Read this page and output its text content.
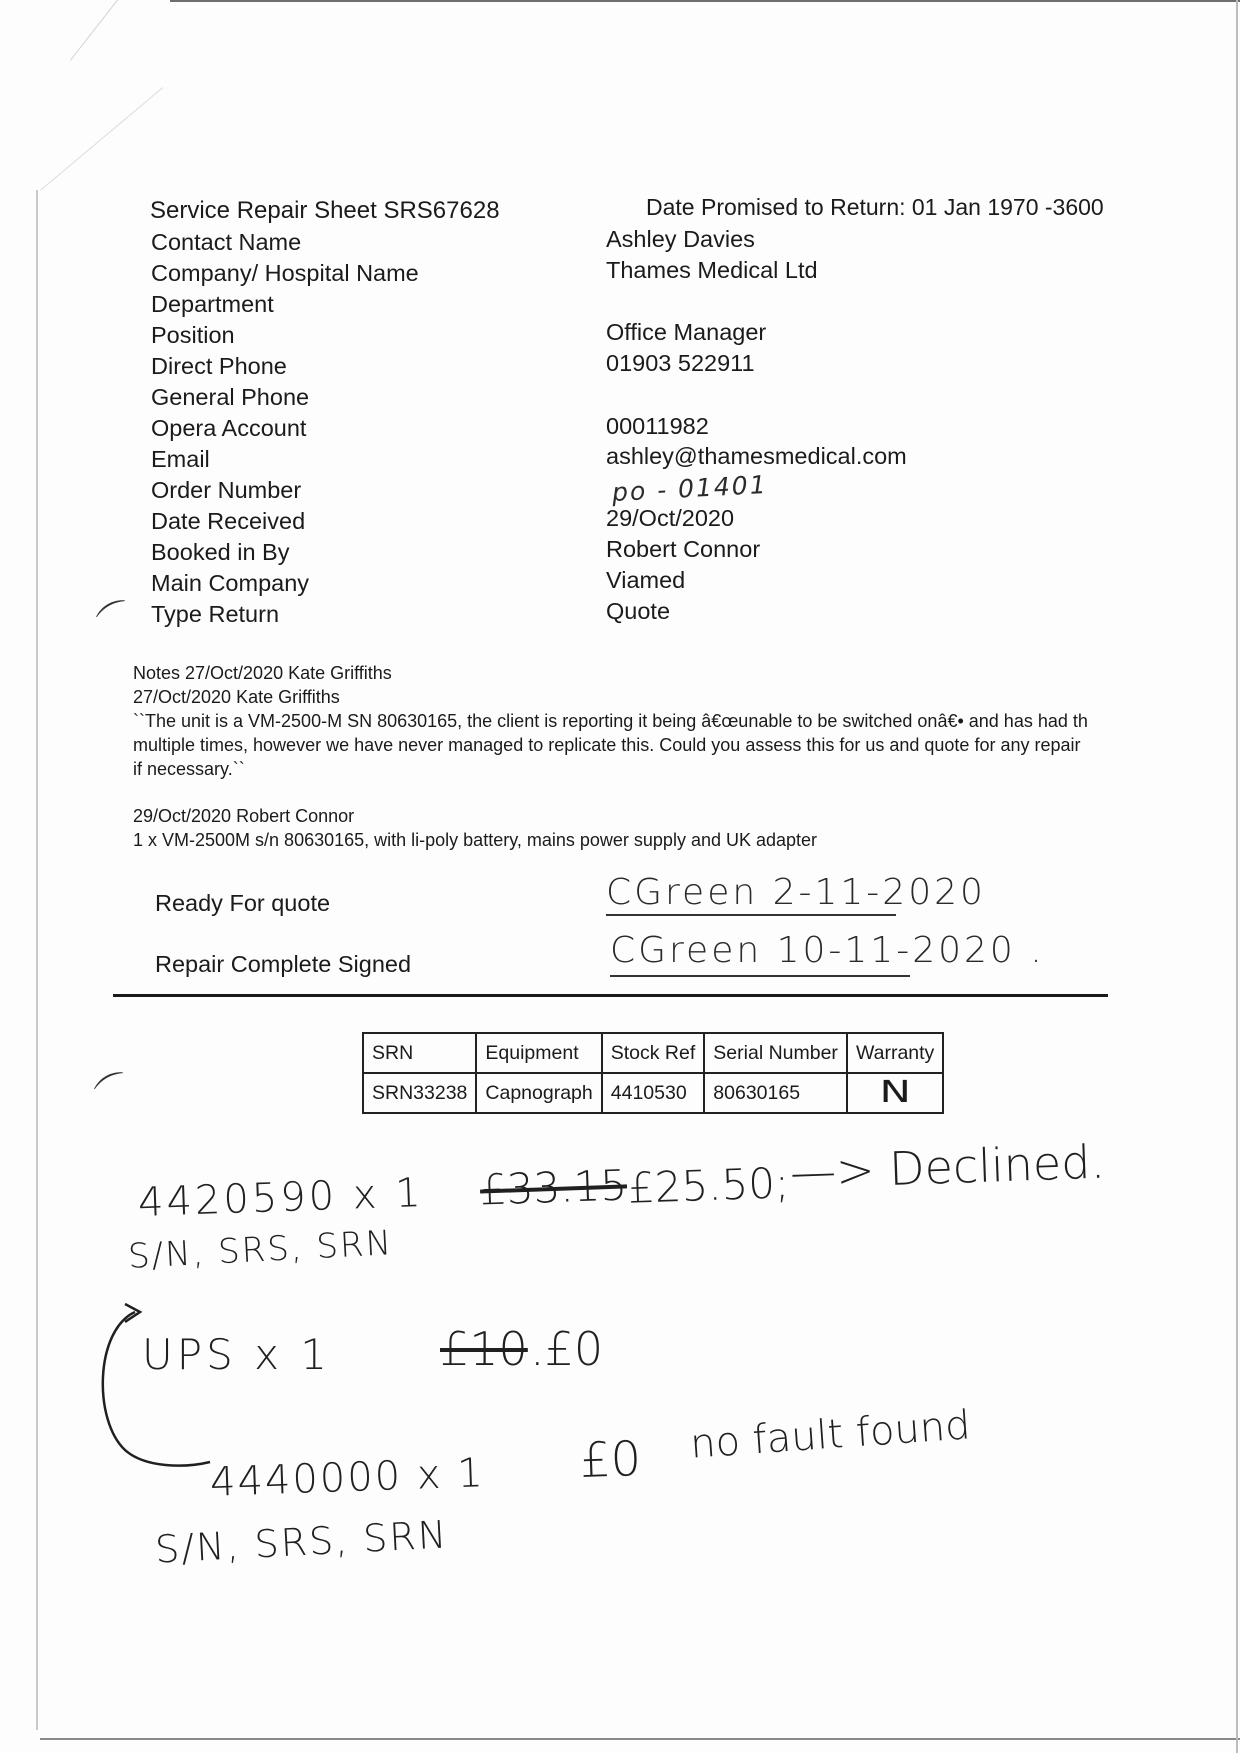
⌒
⌒
Service Repair Sheet SRS67628	Date Promised to Return: 01 Jan 1970 -3600
Contact Name	Ashley Davies
Company/ Hospital Name	Thames Medical Ltd
Department
Position	Office Manager
Direct Phone	01903 522911
General Phone
Opera Account	00011982
Email	ashley@thamesmedical.com
Order Number	po - 01401
Date Received	29/Oct/2020
Booked in By	Robert Connor
Main Company	Viamed
Type Return	Quote
Notes 27/Oct/2020 Kate Griffiths
27/Oct/2020 Kate Griffiths
``The unit is a VM-2500-M SN 80630165, the client is reporting it being â€œunable to be switched onâ€• and has had th
multiple times, however we have never managed to replicate this. Could you assess this for us and quote for any repair
if necessary.``
29/Oct/2020 Robert Connor
1 x VM-2500M s/n 80630165, with li-poly battery, mains power supply and UK adapter
Ready For quote	CGreen 2-11-2020
Repair Complete Signed	CGreen 10-11-2020 .
SRN	Equipment	Stock Ref	Serial Number	Warranty
SRN33238	Capnograph	4410530	80630165	N
4420590 x 1 £33.15 £25.50; —> Declined.
S/N, SRS, SRN
UPS x 1 £10 .£0
4440000 x 1 £0 no fault found
S/N, SRS, SRN
